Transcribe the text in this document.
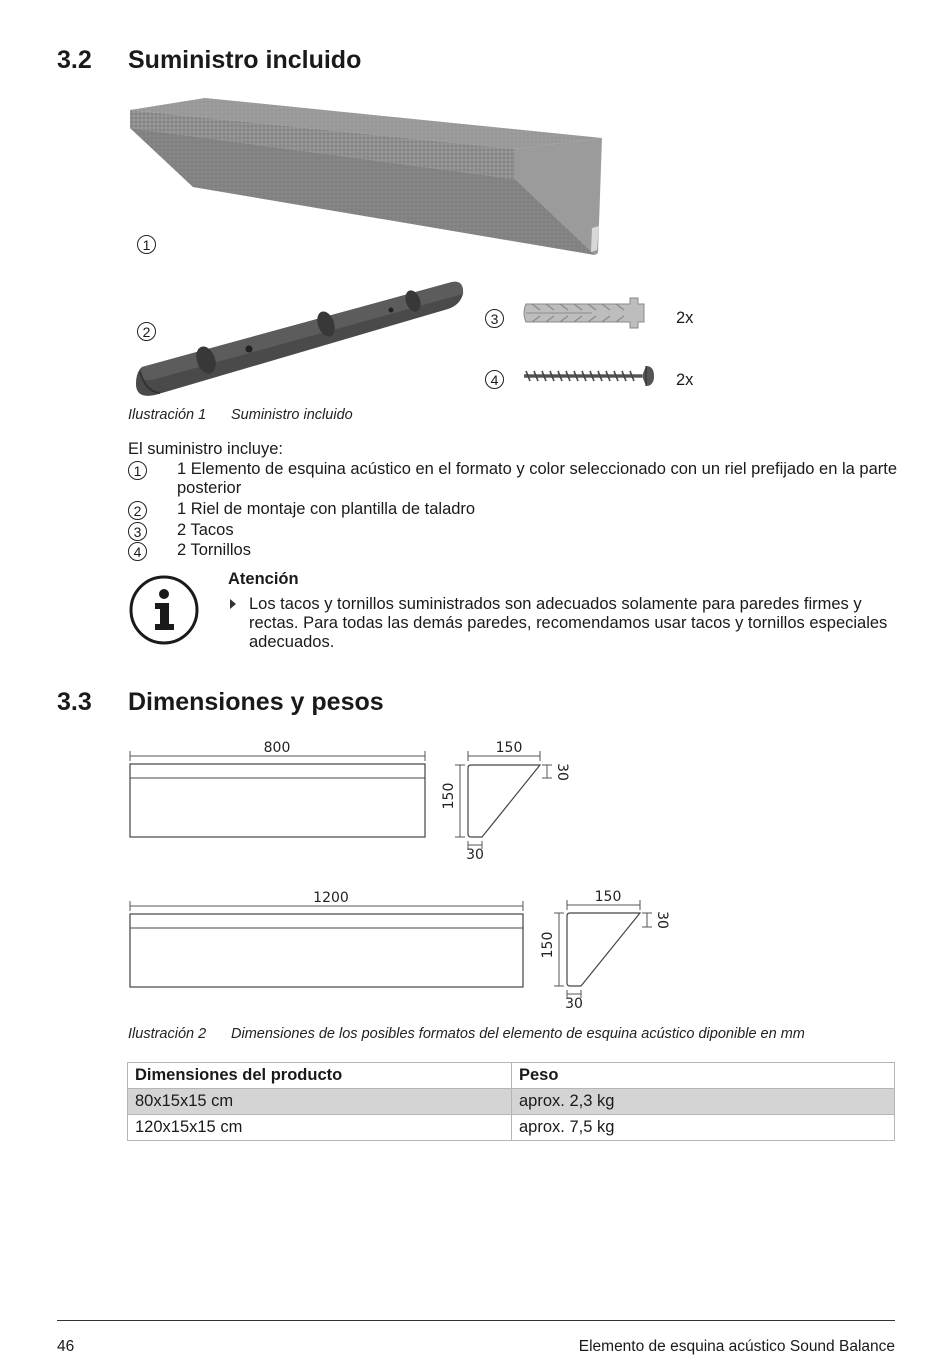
3.2 Suministro incluido
1
2
3
4
2x
2x
Ilustración 1 Suministro incluido
El suministro incluye:
1	1 Elemento de esquina acústico en el formato y color seleccionado con un riel prefijado en la parte posterior
2	1 Riel de montaje con plantilla de taladro
3	2 Tacos
4	2 Tornillos
Atención
Los tacos y tornillos suministrados son adecuados solamente para paredes firmes y rectas. Para todas las demás paredes, recomendamos usar tacos y tornillos especiales adecuados.
3.3 Dimensiones y pesos
800	150
150
30
30
1200	150
150
30
30
Ilustración 2 Dimensiones de los posibles formatos del elemento de esquina acústico diponible en mm
Dimensiones del producto	Peso
80x15x15 cm	aprox. 2,3 kg
120x15x15 cm	aprox. 7,5 kg
46	Elemento de esquina acústico Sound Balance
